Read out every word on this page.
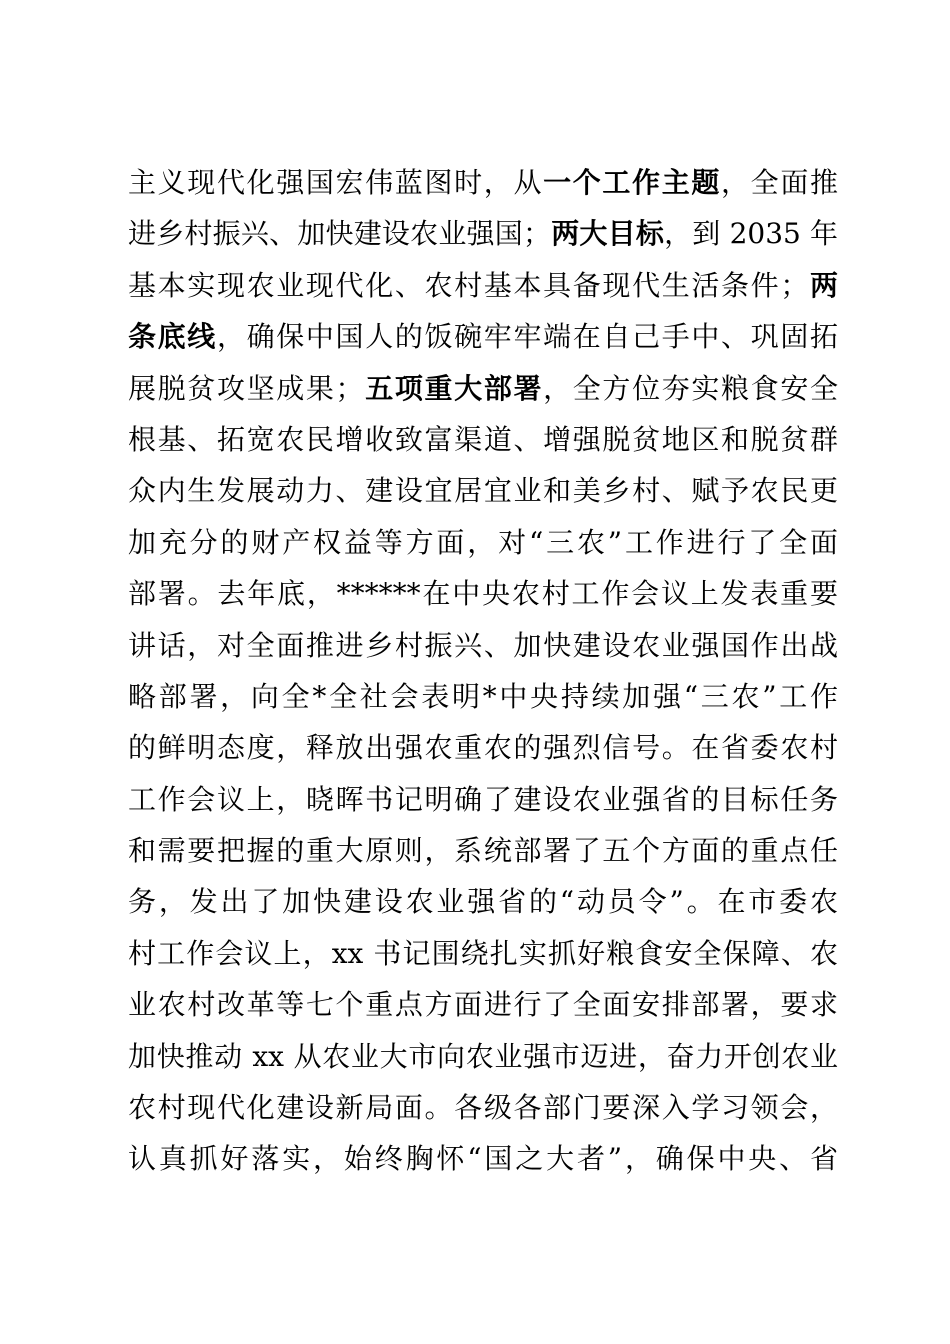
主义现代化强国宏伟蓝图时，从一个工作主题，全面推
进乡村振兴、加快建设农业强国；两大目标，到 2035 年
基本实现农业现代化、农村基本具备现代生活条件；两
条底线，确保中国人的饭碗牢牢端在自己手中、巩固拓
展脱贫攻坚成果；五项重大部署，全方位夯实粮食安全
根基、拓宽农民增收致富渠道、增强脱贫地区和脱贫群
众内生发展动力、建设宜居宜业和美乡村、赋予农民更
加充分的财产权益等方面，对“三农”工作进行了全面
部署。去年底，******在中央农村工作会议上发表重要
讲话，对全面推进乡村振兴、加快建设农业强国作出战
略部署，向全*全社会表明*中央持续加强“三农”工作
的鲜明态度，释放出强农重农的强烈信号。在省委农村
工作会议上，晓晖书记明确了建设农业强省的目标任务
和需要把握的重大原则，系统部署了五个方面的重点任
务，发出了加快建设农业强省的“动员令”。在市委农
村工作会议上，xx 书记围绕扎实抓好粮食安全保障、农
业农村改革等七个重点方面进行了全面安排部署，要求
加快推动 xx 从农业大市向农业强市迈进，奋力开创农业
农村现代化建设新局面。各级各部门要深入学习领会，
认真抓好落实，始终胸怀“国之大者”，确保中央、省
